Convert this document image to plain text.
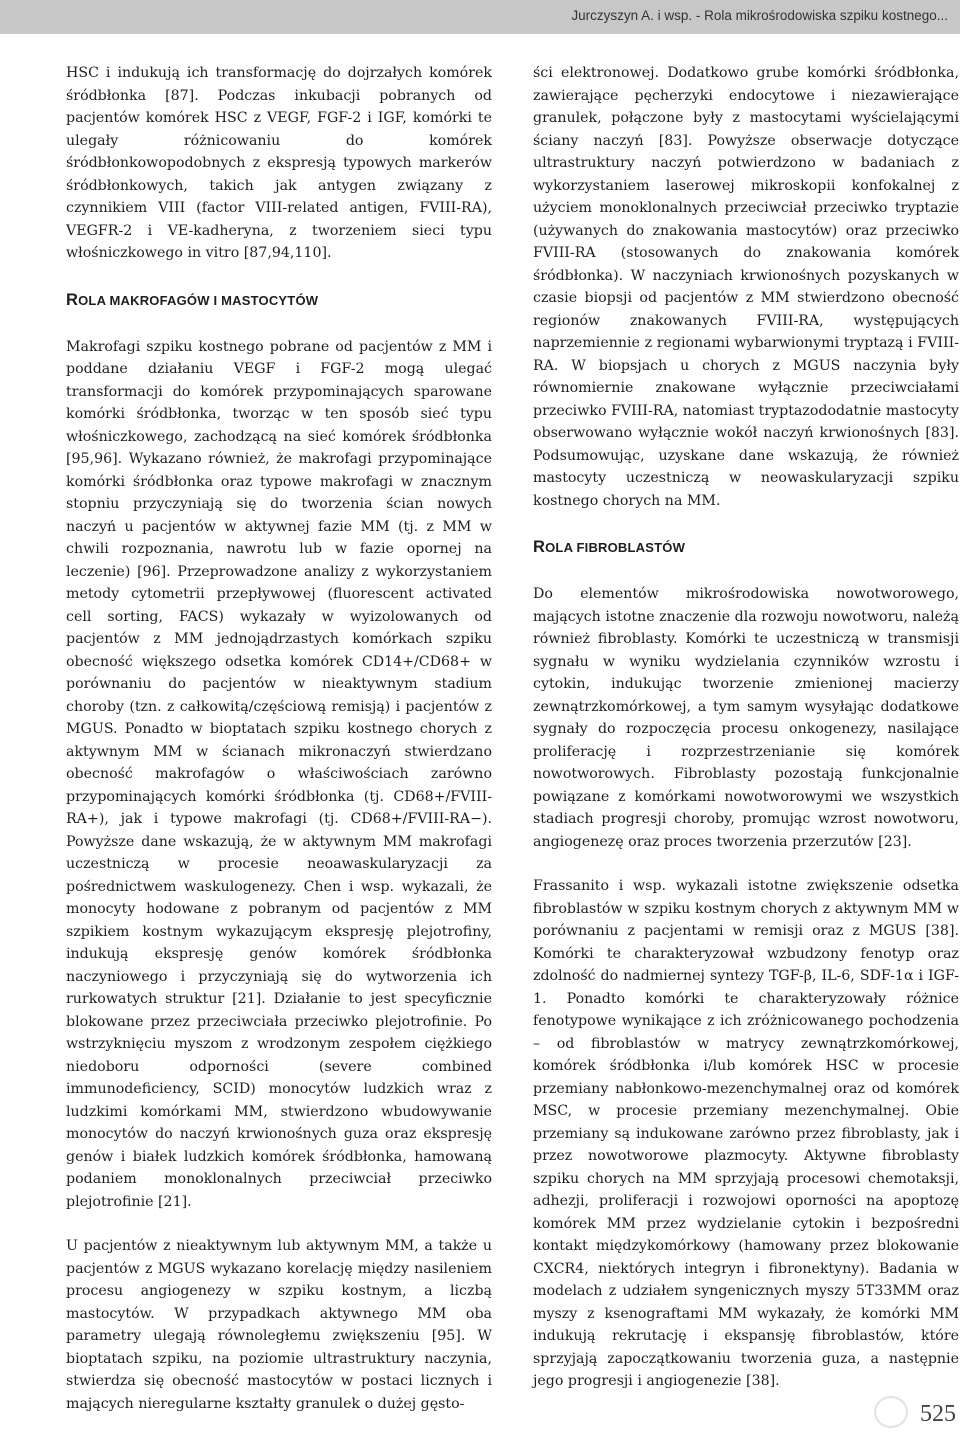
Jurczyszyn A. i wsp. - Rola mikrośrodowiska szpiku kostnego...

HSC i indukują ich transformację do dojrzałych komórek śródbłonka [87]. Podczas inkubacji pobranych od pacjentów komórek HSC z VEGF, FGF-2 i IGF, komórki te ulegały różnicowaniu do komórek śródbłonkowopodobnych z ekspresją typowych markerów śródbłonkowych, takich jak antygen związany z czynnikiem VIII (factor VIII-related antigen, FVIII-RA), VEGFR-2 i VE-kadheryna, z tworzeniem sieci typu włośniczkowego in vitro [87,94,110].

ROLA MAKROFAGÓW I MASTOCYTÓW

Makrofagi szpiku kostnego pobrane od pacjentów z MM i poddane działaniu VEGF i FGF-2 mogą ulegać transformacji do komórek przypominających sparowane komórki śródbłonka, tworząc w ten sposób sieć typu włośniczkowego, zachodzącą na sieć komórek śródbłonka [95,96]. Wykazano również, że makrofagi przypominające komórki śródbłonka oraz typowe makrofagi w znacznym stopniu przyczyniają się do tworzenia ścian nowych naczyń u pacjentów w aktywnej fazie MM (tj. z MM w chwili rozpoznania, nawrotu lub w fazie opornej na leczenie) [96]. Przeprowadzone analizy z wykorzystaniem metody cytometrii przepływowej (fluorescent activated cell sorting, FACS) wykazały w wyizolowanych od pacjentów z MM jednojądrzastych komórkach szpiku obecność większego odsetka komórek CD14+/CD68+ w porównaniu do pacjentów w nieaktywnym stadium choroby (tzn. z całkowitą/częściową remisją) i pacjentów z MGUS. Ponadto w bioptatach szpiku kostnego chorych z aktywnym MM w ścianach mikronaczyń stwierdzano obecność makrofagów o właściwościach zarówno przypominających komórki śródbłonka (tj. CD68+/FVIII-RA+), jak i typowe makrofagi (tj. CD68+/FVIII-RA−). Powyższe dane wskazują, że w aktywnym MM makrofagi uczestniczą w procesie neoawaskularyzacji za pośrednictwem waskulogenezy. Chen i wsp. wykazali, że monocyty hodowane z pobranym od pacjentów z MM szpikiem kostnym wykazującym ekspresję plejotrofiny, indukują ekspresję genów komórek śródbłonka naczyniowego i przyczyniają się do wytworzenia ich rurkowatych struktur [21]. Działanie to jest specyficznie blokowane przez przeciwciała przeciwko plejotrofinie. Po wstrzyknięciu myszom z wrodzonym zespołem ciężkiego niedoboru odporności (severe combined immunodeficiency, SCID) monocytów ludzkich wraz z ludzkimi komórkami MM, stwierdzono wbudowywanie monocytów do naczyń krwionośnych guza oraz ekspresję genów i białek ludzkich komórek śródbłonka, hamowaną podaniem monoklonalnych przeciwciał przeciwko plejotrofinie [21].

U pacjentów z nieaktywnym lub aktywnym MM, a także u pacjentów z MGUS wykazano korelację między nasileniem procesu angiogenezy w szpiku kostnym, a liczbą mastocytów. W przypadkach aktywnego MM oba parametry ulegają równoległemu zwiększeniu [95]. W bioptatach szpiku, na poziomie ultrastruktury naczynia, stwierdza się obecność mastocytów w postaci licznych i mających nieregularne kształty granulek o dużej gęsto-

ści elektronowej. Dodatkowo grube komórki śródbłonka, zawierające pęcherzyki endocytowe i niezawierające granulek, połączone były z mastocytami wyścielającymi ściany naczyń [83]. Powyższe obserwacje dotyczące ultrastruktury naczyń potwierdzono w badaniach z wykorzystaniem laserowej mikroskopii konfokalnej z użyciem monoklonalnych przeciwciał przeciwko tryptazie (używanych do znakowania mastocytów) oraz przeciwko FVIII-RA (stosowanych do znakowania komórek śródbłonka). W naczyniach krwionośnych pozyskanych w czasie biopsji od pacjentów z MM stwierdzono obecność regionów znakowanych FVIII-RA, występujących naprzemiennie z regionami wybarwionymi tryptazą i FVIII-RA. W biopsjach u chorych z MGUS naczynia były równomiernie znakowane wyłącznie przeciwciałami przeciwko FVIII-RA, natomiast tryptazododatnie mastocyty obserwowano wyłącznie wokół naczyń krwionośnych [83]. Podsumowując, uzyskane dane wskazują, że również mastocyty uczestniczą w neowaskularyzacji szpiku kostnego chorych na MM.

ROLA FIBROBLASTÓW

Do elementów mikrośrodowiska nowotworowego, mających istotne znaczenie dla rozwoju nowotworu, należą również fibroblasty. Komórki te uczestniczą w transmisji sygnału w wyniku wydzielania czynników wzrostu i cytokin, indukując tworzenie zmienionej macierzy zewnątrzkomórkowej, a tym samym wysyłając dodatkowe sygnały do rozpoczęcia procesu onkogenezy, nasilające proliferację i rozprzestrzenianie się komórek nowotworowych. Fibroblasty pozostają funkcjonalnie powiązane z komórkami nowotworowymi we wszystkich stadiach progresji choroby, promując wzrost nowotworu, angiogenezę oraz proces tworzenia przerzutów [23].

Frassanito i wsp. wykazali istotne zwiększenie odsetka fibroblastów w szpiku kostnym chorych z aktywnym MM w porównaniu z pacjentami w remisji oraz z MGUS [38]. Komórki te charakteryzował wzbudzony fenotyp oraz zdolność do nadmiernej syntezy TGF-β, IL-6, SDF-1α i IGF-1. Ponadto komórki te charakteryzowały różnice fenotypowe wynikające z ich zróżnicowanego pochodzenia – od fibroblastów w matrycy zewnątrzkomórkowej, komórek śródbłonka i/lub komórek HSC w procesie przemiany nabłonkowo-mezenchymalnej oraz od komórek MSC, w procesie przemiany mezenchymalnej. Obie przemiany są indukowane zarówno przez fibroblasty, jak i przez nowotworowe plazmocyty. Aktywne fibroblasty szpiku chorych na MM sprzyjają procesowi chemotaksji, adhezji, proliferacji i rozwojowi oporności na apoptozę komórek MM przez wydzielanie cytokin i bezpośredni kontakt międzykomórkowy (hamowany przez blokowanie CXCR4, niektórych integryn i fibronektyny). Badania w modelach z udziałem syngenicznych myszy 5T33MM oraz myszy z ksenograftami MM wykazały, że komórki MM indukują rekrutację i ekspansję fibroblastów, które sprzyjają zapoczątkowaniu tworzenia guza, a następnie jego progresji i angiogenezie [38].

525
